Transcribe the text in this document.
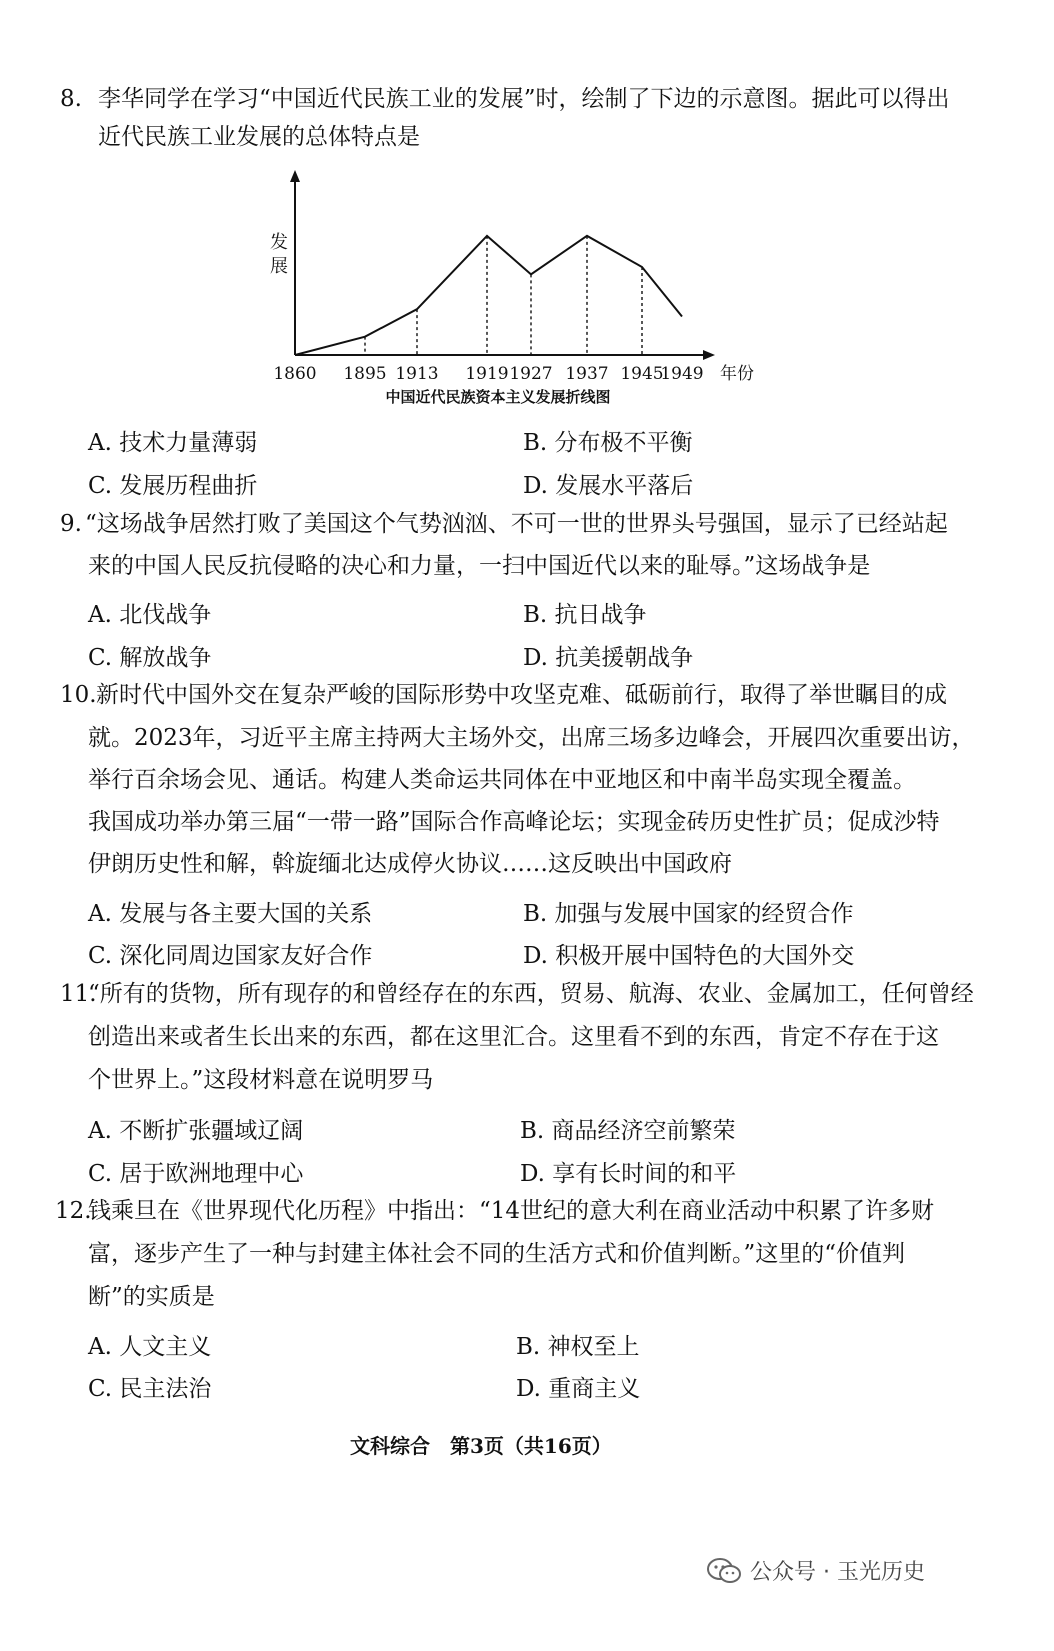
8. 李华同学在学习“中国近代民族工业的发展”时，绘制了下边的示意图。据此可以得出
近代民族工业发展的总体特点是
发
展
1860 1895 1913 1919 1927 1937 1945
1949 年份
中国近代民族资本主义发展折线图
A. 技术力量薄弱	B. 分布极不平衡
C. 发展历程曲折	D. 发展水平落后
9. “这场战争居然打败了美国这个气势汹汹、不可一世的世界头号强国，显示了已经站起
来的中国人民反抗侵略的决心和力量，一扫中国近代以来的耻辱。”这场战争是
A. 北伐战争	B. 抗日战争
C. 解放战争	D. 抗美援朝战争
10. 新时代中国外交在复杂严峻的国际形势中攻坚克难、砥砺前行，取得了举世瞩目的成
就。2023年，习近平主席主持两大主场外交，出席三场多边峰会，开展四次重要出访，
举行百余场会见、通话。构建人类命运共同体在中亚地区和中南半岛实现全覆盖。
我国成功举办第三届“一带一路”国际合作高峰论坛；实现金砖历史性扩员；促成沙特
伊朗历史性和解，斡旋缅北达成停火协议……这反映出中国政府
A. 发展与各主要大国的关系	B. 加强与发展中国家的经贸合作
C. 深化同周边国家友好合作	D. 积极开展中国特色的大国外交
11.
“所有的货物，所有现存的和曾经存在的东西，贸易、航海、农业、金属加工，任何曾经
创造出来或者生长出来的东西，都在这里汇合。这里看不到的东西，肯定不存在于这
个世界上。”这段材料意在说明罗马
A. 不断扩张疆域辽阔	B. 商品经济空前繁荣
C. 居于欧洲地理中心	D. 享有长时间的和平
12.
钱乘旦在《世界现代化历程》中指出：“14世纪的意大利在商业活动中积累了许多财
富，逐步产生了一种与封建主体社会不同的生活方式和价值判断。”这里的“价值判
断”的实质是
A. 人文主义	B. 神权至上
C. 民主法治	D. 重商主义
文科综合　第3页（共16页）
公众号 · 玉光历史
